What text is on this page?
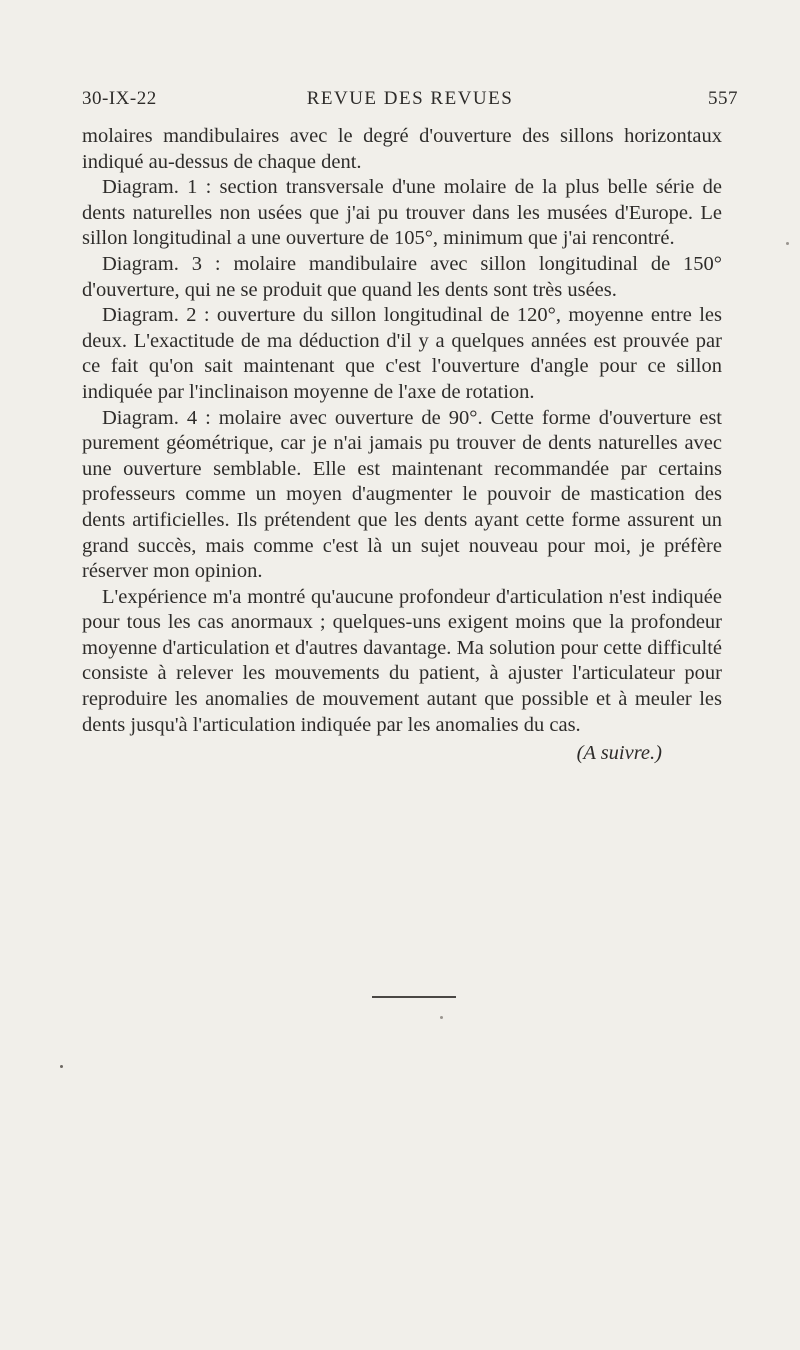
30-IX-22	REVUE DES REVUES	557

molaires mandibulaires avec le degré d'ouverture des sillons horizontaux indiqué au-dessus de chaque dent.

Diagram. 1 : section transversale d'une molaire de la plus belle série de dents naturelles non usées que j'ai pu trouver dans les musées d'Europe. Le sillon longitudinal a une ouverture de 105°, minimum que j'ai rencontré.

Diagram. 3 : molaire mandibulaire avec sillon longitudinal de 150° d'ouverture, qui ne se produit que quand les dents sont très usées.

Diagram. 2 : ouverture du sillon longitudinal de 120°, moyenne entre les deux. L'exactitude de ma déduction d'il y a quelques années est prouvée par ce fait qu'on sait maintenant que c'est l'ouverture d'angle pour ce sillon indiquée par l'inclinaison moyenne de l'axe de rotation.

Diagram. 4 : molaire avec ouverture de 90°. Cette forme d'ouverture est purement géométrique, car je n'ai jamais pu trouver de dents naturelles avec une ouverture semblable. Elle est maintenant recommandée par certains professeurs comme un moyen d'augmenter le pouvoir de mastication des dents artificielles. Ils prétendent que les dents ayant cette forme assurent un grand succès, mais comme c'est là un sujet nouveau pour moi, je préfère réserver mon opinion.

L'expérience m'a montré qu'aucune profondeur d'articulation n'est indiquée pour tous les cas anormaux ; quelques-uns exigent moins que la profondeur moyenne d'articulation et d'autres davantage. Ma solution pour cette difficulté consiste à relever les mouvements du patient, à ajuster l'articulateur pour reproduire les anomalies de mouvement autant que possible et à meuler les dents jusqu'à l'articulation indiquée par les anomalies du cas.

(A suivre.)
